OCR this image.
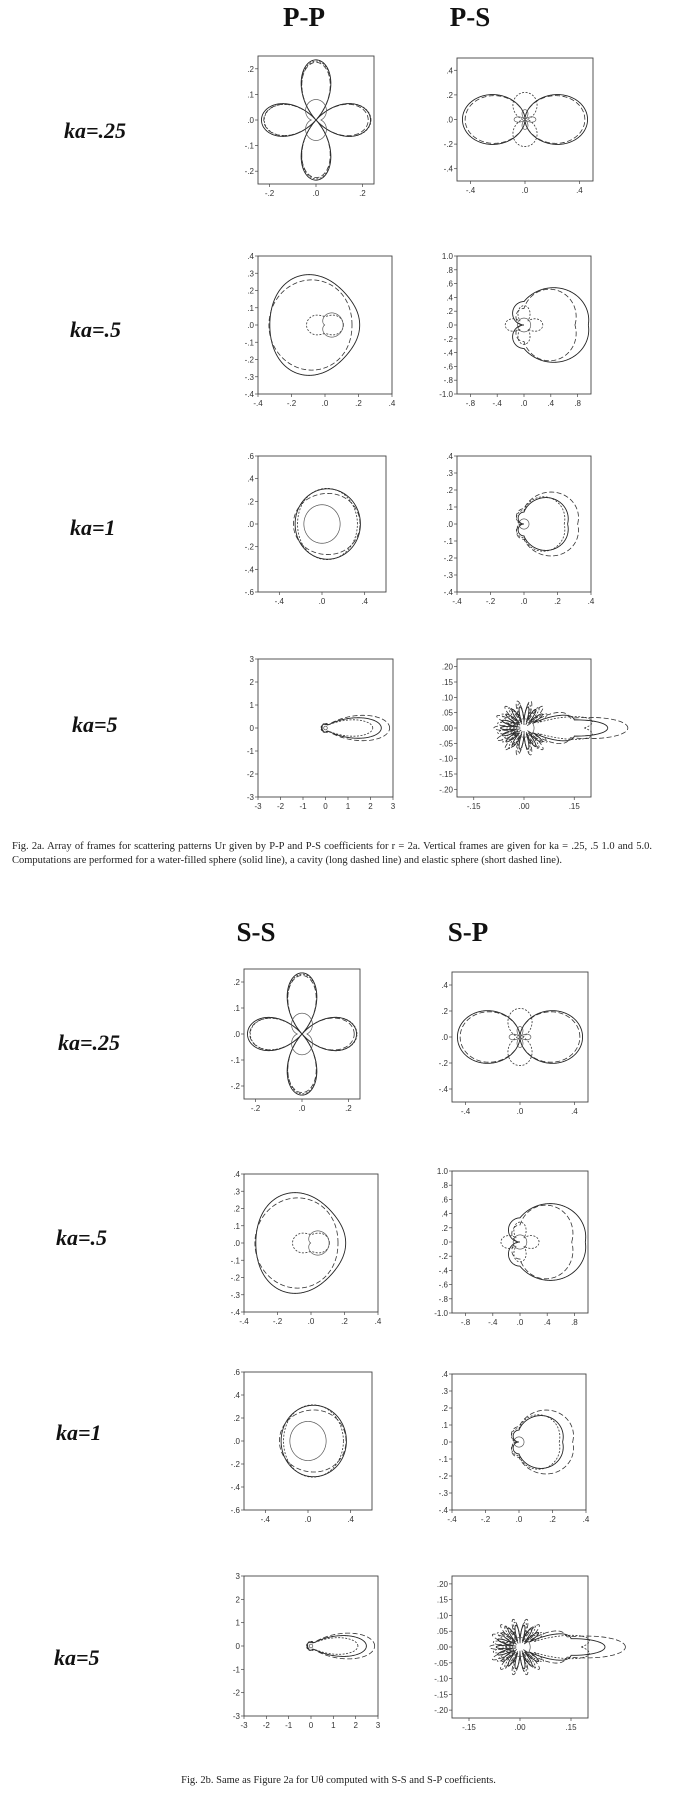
P-P	P-S
ka=.25
ka=.5
ka=1
ka=5
-.2	.0	.2
.2
.1
.0
-.1
-.2
-.4	.0	.4
.4
.2
.0
-.2
-.4
-.4	-.2	.0	.2	.4
.4
.3
.2
.1
.0
-.1
-.2
-.3
-.4
-.8 -.4 .0	.4	.8
1.0
.8
.6
.4
.2
.0
-.2
-.4
-.6
-.8
-1.0
-.4	.0	.4
.6
.4
.2
.0
-.2
-.4
-.6
-.4	-.2	.0	.2	.4
.4
.3
.2
.1
.0
-.1
-.2
-.3
-.4
-3 -2 -1 0 1 2 3
3
2
1
0
-1
-2
-3
-.15	.00	.15
.20
.15
.10
.05
.00
-.05
-.10
-.15
-.20
Fig. 2a. Array of frames for scattering patterns Ur given by P-P and P-S coefficients for r = 2a. Vertical frames are given for ka = .25, .5 1.0 and 5.0. Computations are performed for a water-filled sphere (solid line), a cavity (long dashed line) and elastic sphere (short dashed line).
S-S	S-P
ka=.25
ka=.5
ka=1
ka=5
-.2	.0	.2
.2
.1
.0
-.1
-.2
-.4	.0	.4
.4
.2
.0
-.2
-.4
-.4	-.2	.0	.2	.4
.4
.3
.2
.1
.0
-.1
-.2
-.3
-.4
-.8 -.4 .0	.4	.8
1.0
.8
.6
.4
.2
.0
-.2
-.4
-.6
-.8
-1.0
-.4	.0	.4
.6
.4
.2
.0
-.2
-.4
-.6
-.4	-.2	.0	.2	.4
.4
.3
.2
.1
.0
-.1
-.2
-.3
-.4
-3 -2 -1 0 1 2 3
3
2
1
0
-1
-2
-3
-.15	.00	.15
.20
.15
.10
.05
.00
-.05
-.10
-.15
-.20
Fig. 2b. Same as Figure 2a for Uθ computed with S-S and S-P coefficients.
